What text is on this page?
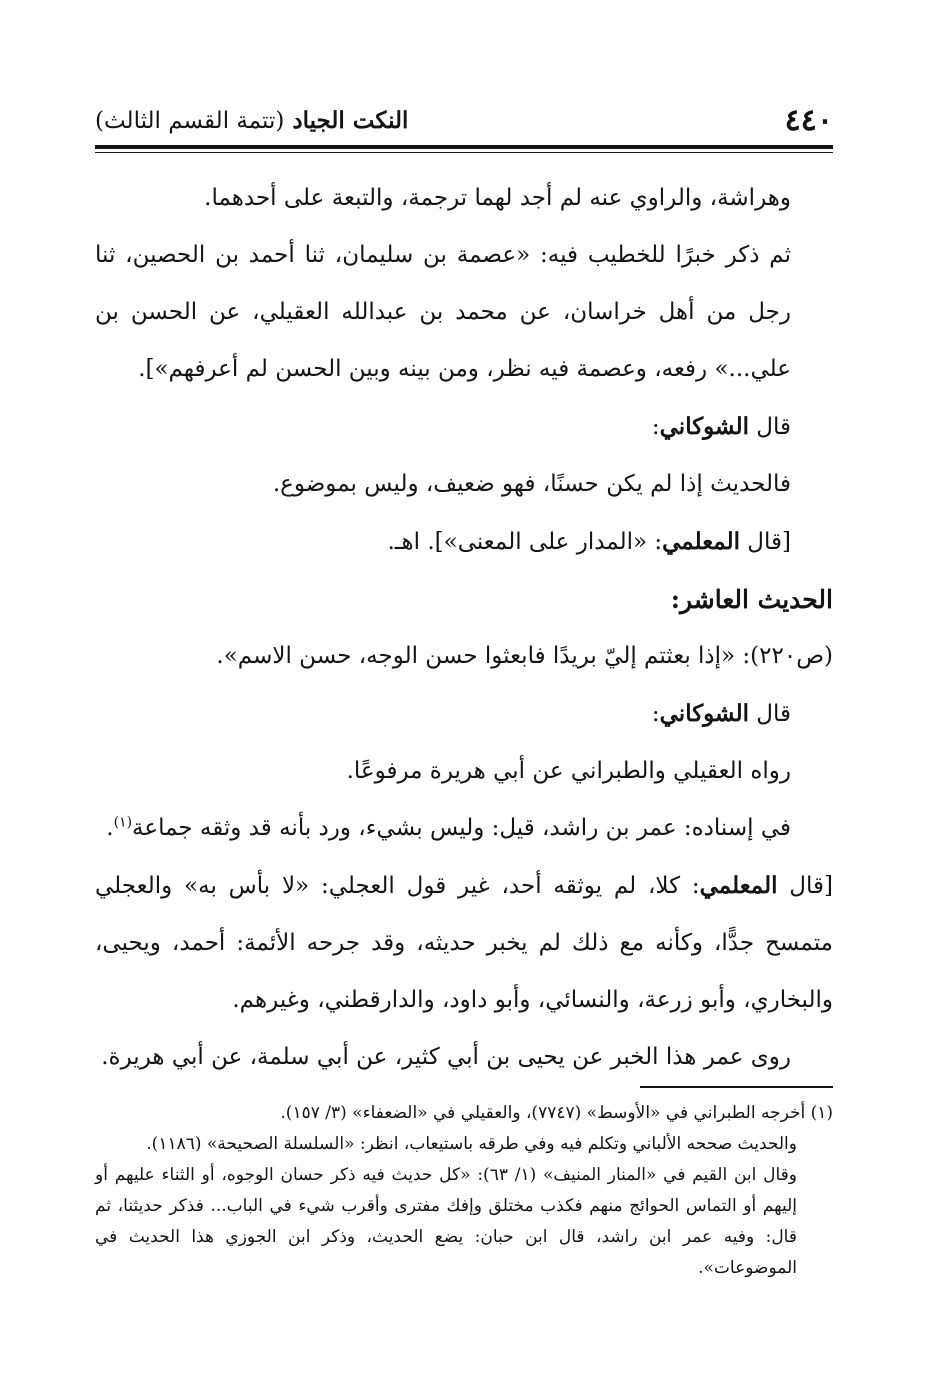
٤٤٠
النكت الجياد (تتمة القسم الثالث)

وهراشة، والراوي عنه لم أجد لهما ترجمة، والتبعة على أحدهما.

ثم ذكر خبرًا للخطيب فيه: «عصمة بن سليمان، ثنا أحمد بن الحصين، ثنا رجل من أهل خراسان، عن محمد بن عبدالله العقيلي، عن الحسن بن علي...» رفعه، وعصمة فيه نظر، ومن بينه وبين الحسن لم أعرفهم»].

قال الشوكاني:

فالحديث إذا لم يكن حسنًا، فهو ضعيف، وليس بموضوع.

[قال المعلمي: «المدار على المعنى»]. اهـ.

الحديث العاشر:

(ص٢٢٠): «إذا بعثتم إليّ بريدًا فابعثوا حسن الوجه، حسن الاسم».

قال الشوكاني:

رواه العقيلي والطبراني عن أبي هريرة مرفوعًا.

في إسناده: عمر بن راشد، قيل: وليس بشيء، ورد بأنه قد وثقه جماعة$^{(١)}$.

[قال المعلمي: كلا، لم يوثقه أحد، غير قول العجلي: «لا بأس به» والعجلي متمسح جدًّا، وكأنه مع ذلك لم يخبر حديثه، وقد جرحه الأئمة: أحمد، ويحيى، والبخاري، وأبو زرعة، والنسائي، وأبو داود، والدارقطني، وغيرهم.

روى عمر هذا الخبر عن يحيى بن أبي كثير، عن أبي سلمة، عن أبي هريرة.

(١) أخرجه الطبراني في «الأوسط» (٧٧٤٧)، والعقيلي في «الضعفاء» (٣/ ١٥٧).

والحديث صححه الألباني وتكلم فيه وفي طرقه باستيعاب، انظر: «السلسلة الصحيحة» (١١٨٦).

وقال ابن القيم في «المنار المنيف» (١/ ٦٣): «كل حديث فيه ذكر حسان الوجوه، أو الثناء عليهم أو إليهم أو التماس الحوائج منهم فكذب مختلق وإفك مفترى وأقرب شيء في الباب... فذكر حديثنا، ثم قال: وفيه عمر ابن راشد، قال ابن حبان: يضع الحديث، وذكر ابن الجوزي هذا الحديث في الموضوعات».
